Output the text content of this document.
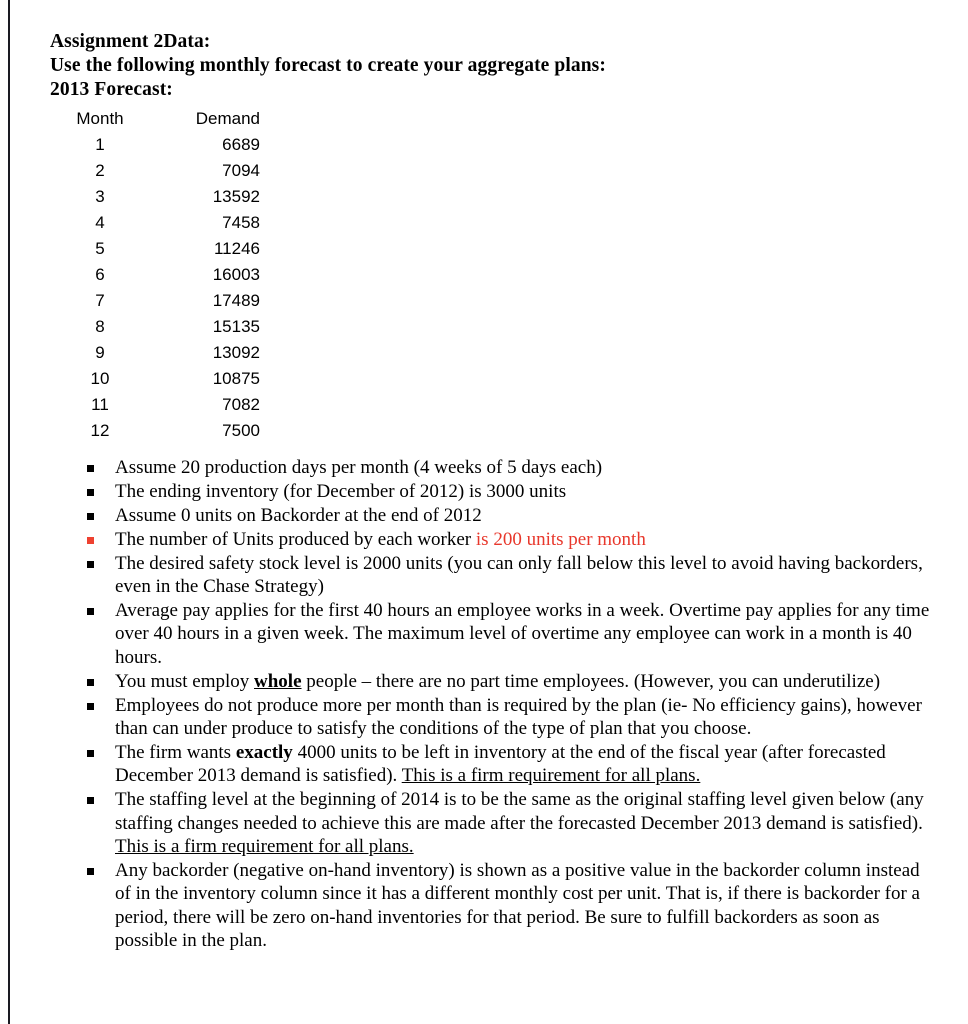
Assignment 2Data:
Use the following monthly forecast to create your aggregate plans:
2013 Forecast:
Month	Demand
1	6689
2	7094
3	13592
4	7458
5	11246
6	16003
7	17489
8	15135
9	13092
10	10875
11	7082
12	7500
Assume 20 production days per month (4 weeks of 5 days each)
The ending inventory (for December of 2012) is 3000 units
Assume 0 units on Backorder at the end of 2012
The number of Units produced by each worker is 200 units per month
The desired safety stock level is 2000 units (you can only fall below this level to avoid having backorders, even in the Chase Strategy)
Average pay applies for the first 40 hours an employee works in a week. Overtime pay applies for any time over 40 hours in a given week. The maximum level of overtime any employee can work in a month is 40 hours.
You must employ whole people – there are no part time employees. (However, you can underutilize)
Employees do not produce more per month than is required by the plan (ie- No efficiency gains), however than can under produce to satisfy the conditions of the type of plan that you choose.
The firm wants exactly 4000 units to be left in inventory at the end of the fiscal year (after forecasted December 2013 demand is satisfied). This is a firm requirement for all plans.
The staffing level at the beginning of 2014 is to be the same as the original staffing level given below (any staffing changes needed to achieve this are made after the forecasted December 2013 demand is satisfied). This is a firm requirement for all plans.
Any backorder (negative on-hand inventory) is shown as a positive value in the backorder column instead of in the inventory column since it has a different monthly cost per unit. That is, if there is backorder for a period, there will be zero on-hand inventories for that period. Be sure to fulfill backorders as soon as possible in the plan.
